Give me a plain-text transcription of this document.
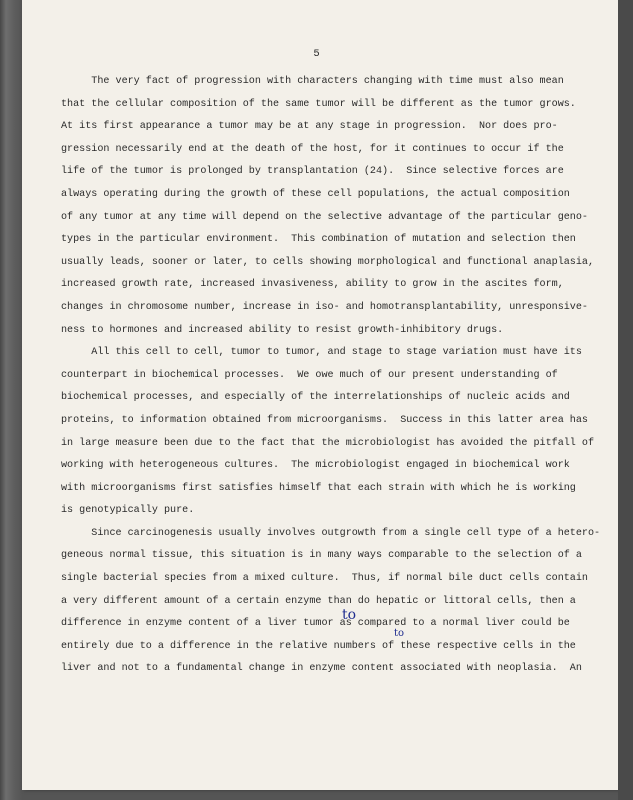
5
The very fact of progression with characters changing with time must also mean
that the cellular composition of the same tumor will be different as the tumor grows.
At its first appearance a tumor may be at any stage in progression.  Nor does pro-
gression necessarily end at the death of the host, for it continues to occur if the
life of the tumor is prolonged by transplantation (24).  Since selective forces are
always operating during the growth of these cell populations, the actual composition
of any tumor at any time will depend on the selective advantage of the particular geno-
types in the particular environment.  This combination of mutation and selection then
usually leads, sooner or later, to cells showing morphological and functional anaplasia,
increased growth rate, increased invasiveness, ability to grow in the ascites form,
changes in chromosome number, increase in iso- and homotransplantability, unresponsive-
ness to hormones and increased ability to resist growth-inhibitory drugs.
All this cell to cell, tumor to tumor, and stage to stage variation must have its
counterpart in biochemical processes.  We owe much of our present understanding of
biochemical processes, and especially of the interrelationships of nucleic acids and
proteins, to information obtained from microorganisms.  Success in this latter area has
in large measure been due to the fact that the microbiologist has avoided the pitfall of
working with heterogeneous cultures.  The microbiologist engaged in biochemical work
with microorganisms first satisfies himself that each strain with which he is working
is genotypically pure.
Since carcinogenesis usually involves outgrowth from a single cell type of a hetero-
geneous normal tissue, this situation is in many ways comparable to the selection of a
single bacterial species from a mixed culture.  Thus, if normal bile duct cells contain
a very different amount of a certain enzyme than do hepatic or littoral cells, then a
difference in enzyme content of a liver tumor as compared to a normal liver could be
entirely due to a difference in the relative numbers of these respective cells in the
liver and not to a fundamental change in enzyme content associated with neoplasia.  An
to
to
